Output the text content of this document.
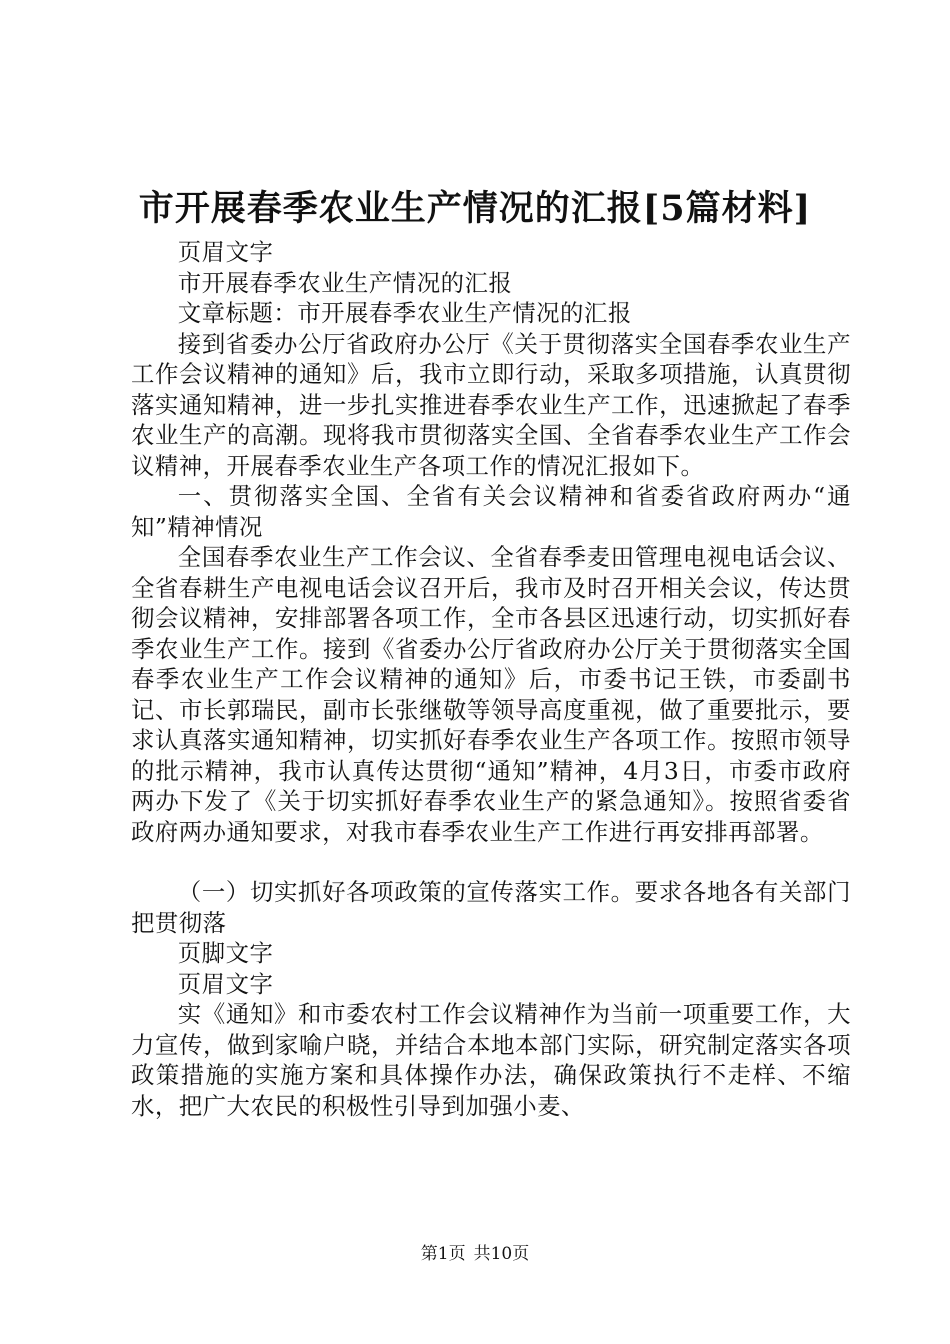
市开展春季农业生产情况的汇报[5篇材料]

页眉文字

市开展春季农业生产情况的汇报

文章标题：市开展春季农业生产情况的汇报

接到省委办公厅省政府办公厅《关于贯彻落实全国春季农业生产工作会议精神的通知》后，我市立即行动，采取多项措施，认真贯彻落实通知精神，进一步扎实推进春季农业生产工作，迅速掀起了春季农业生产的高潮。现将我市贯彻落实全国、全省春季农业生产工作会议精神，开展春季农业生产各项工作的情况汇报如下。

一、贯彻落实全国、全省有关会议精神和省委省政府两办“通知”精神情况

全国春季农业生产工作会议、全省春季麦田管理电视电话会议、全省春耕生产电视电话会议召开后，我市及时召开相关会议，传达贯彻会议精神，安排部署各项工作，全市各县区迅速行动，切实抓好春季农业生产工作。接到《省委办公厅省政府办公厅关于贯彻落实全国春季农业生产工作会议精神的通知》后，市委书记王铁，市委副书记、市长郭瑞民，副市长张继敬等领导高度重视，做了重要批示，要求认真落实通知精神，切实抓好春季农业生产各项工作。按照市领导的批示精神，我市认真传达贯彻“通知”精神，4月3日，市委市政府两办下发了《关于切实抓好春季农业生产的紧急通知》。按照省委省政府两办通知要求，对我市春季农业生产工作进行再安排再部署。

（一）切实抓好各项政策的宣传落实工作。要求各地各有关部门把贯彻落

页脚文字

页眉文字

实《通知》和市委农村工作会议精神作为当前一项重要工作，大力宣传，做到家喻户晓，并结合本地本部门实际，研究制定落实各项政策措施的实施方案和具体操作办法，确保政策执行不走样、不缩水，把广大农民的积极性引导到加强小麦、

第1页 共10页
